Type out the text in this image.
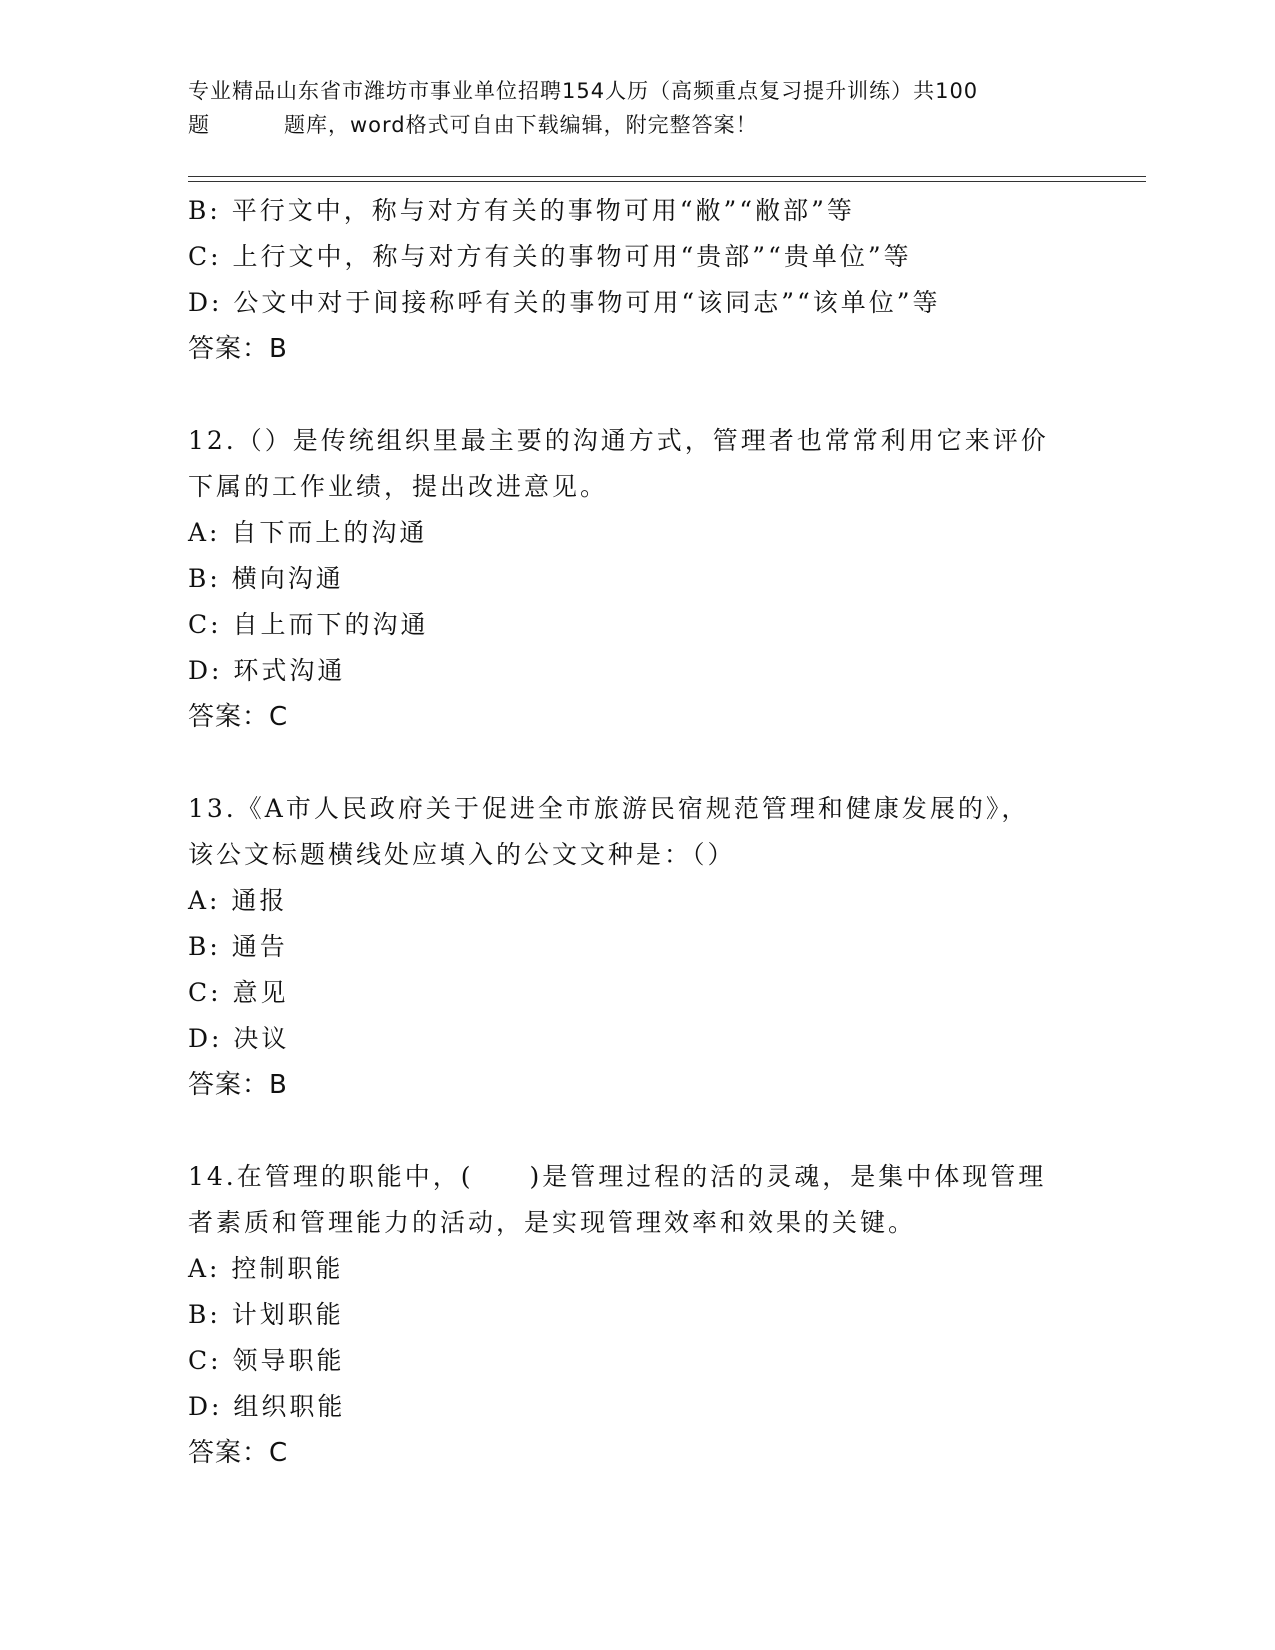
专业精品山东省市潍坊市事业单位招聘154人历（高频重点复习提升训练）共100
题	题库，word格式可自由下载编辑，附完整答案！
B: 平行文中，称与对方有关的事物可用“敝”“敝部”等
C: 上行文中，称与对方有关的事物可用“贵部”“贵单位”等
D: 公文中对于间接称呼有关的事物可用“该同志”“该单位”等
答案：B
12.（）是传统组织里最主要的沟通方式，管理者也常常利用它来评价
下属的工作业绩，提出改进意见。
A: 自下而上的沟通
B: 横向沟通
C: 自上而下的沟通
D: 环式沟通
答案：C
13.《A市人民政府关于促进全市旅游民宿规范管理和健康发展的》，
该公文标题横线处应填入的公文文种是：（）
A: 通报
B: 通告
C: 意见
D: 决议
答案：B
14.在管理的职能中，(　　)是管理过程的活的灵魂，是集中体现管理
者素质和管理能力的活动，是实现管理效率和效果的关键。
A: 控制职能
B: 计划职能
C: 领导职能
D: 组织职能
答案：C
